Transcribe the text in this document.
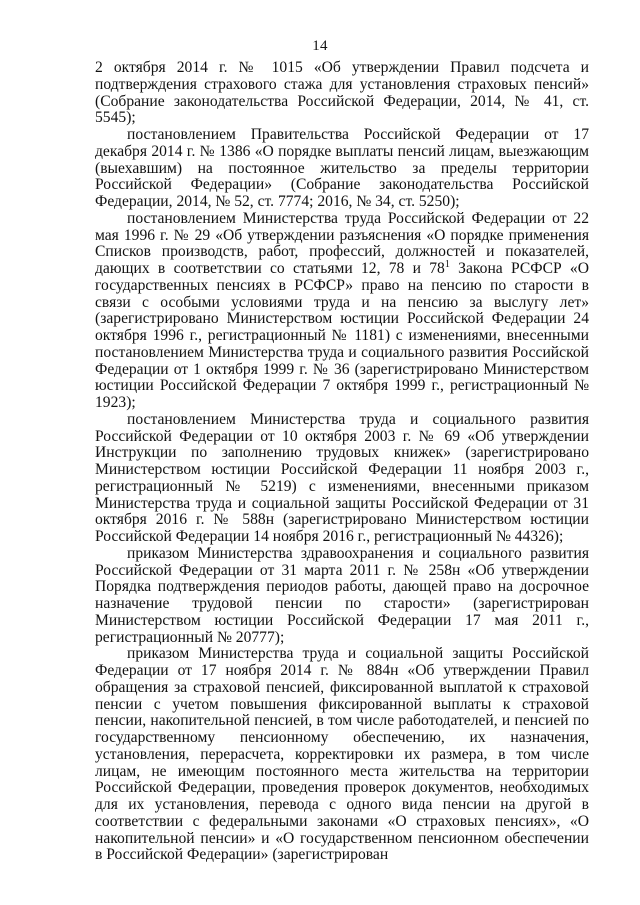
14

2 октября 2014 г. № 1015 «Об утверждении Правил подсчета и подтверждения страхового стажа для установления страховых пенсий» (Собрание законодательства Российской Федерации, 2014, № 41, ст. 5545);

постановлением Правительства Российской Федерации от 17 декабря 2014 г. № 1386 «О порядке выплаты пенсий лицам, выезжающим (выехавшим) на постоянное жительство за пределы территории Российской Федерации» (Собрание законодательства Российской Федерации, 2014, № 52, ст. 7774; 2016, № 34, ст. 5250);

постановлением Министерства труда Российской Федерации от 22 мая 1996 г. № 29 «Об утверждении разъяснения «О порядке применения Списков производств, работ, профессий, должностей и показателей, дающих в соответствии со статьями 12, 78 и $78^1$ Закона РСФСР «О государственных пенсиях в РСФСР» право на пенсию по старости в связи с особыми условиями труда и на пенсию за выслугу лет» (зарегистрировано Министерством юстиции Российской Федерации 24 октября 1996 г., регистрационный № 1181) с изменениями, внесенными постановлением Министерства труда и социального развития Российской Федерации от 1 октября 1999 г. № 36 (зарегистрировано Министерством юстиции Российской Федерации 7 октября 1999 г., регистрационный № 1923);

постановлением Министерства труда и социального развития Российской Федерации от 10 октября 2003 г. № 69 «Об утверждении Инструкции по заполнению трудовых книжек» (зарегистрировано Министерством юстиции Российской Федерации 11 ноября 2003 г., регистрационный № 5219) с изменениями, внесенными приказом Министерства труда и социальной защиты Российской Федерации от 31 октября 2016 г. № 588н (зарегистрировано Министерством юстиции Российской Федерации 14 ноября 2016 г., регистрационный № 44326);

приказом Министерства здравоохранения и социального развития Российской Федерации от 31 марта 2011 г. № 258н «Об утверждении Порядка подтверждения периодов работы, дающей право на досрочное назначение трудовой пенсии по старости» (зарегистрирован Министерством юстиции Российской Федерации 17 мая 2011 г., регистрационный № 20777);

приказом Министерства труда и социальной защиты Российской Федерации от 17 ноября 2014 г. № 884н «Об утверждении Правил обращения за страховой пенсией, фиксированной выплатой к страховой пенсии с учетом повышения фиксированной выплаты к страховой пенсии, накопительной пенсией, в том числе работодателей, и пенсией по государственному пенсионному обеспечению, их назначения, установления, перерасчета, корректировки их размера, в том числе лицам, не имеющим постоянного места жительства на территории Российской Федерации, проведения проверок документов, необходимых для их установления, перевода с одного вида пенсии на другой в соответствии с федеральными законами «О страховых пенсиях», «О накопительной пенсии» и «О государственном пенсионном обеспечении в Российской Федерации» (зарегистрирован
